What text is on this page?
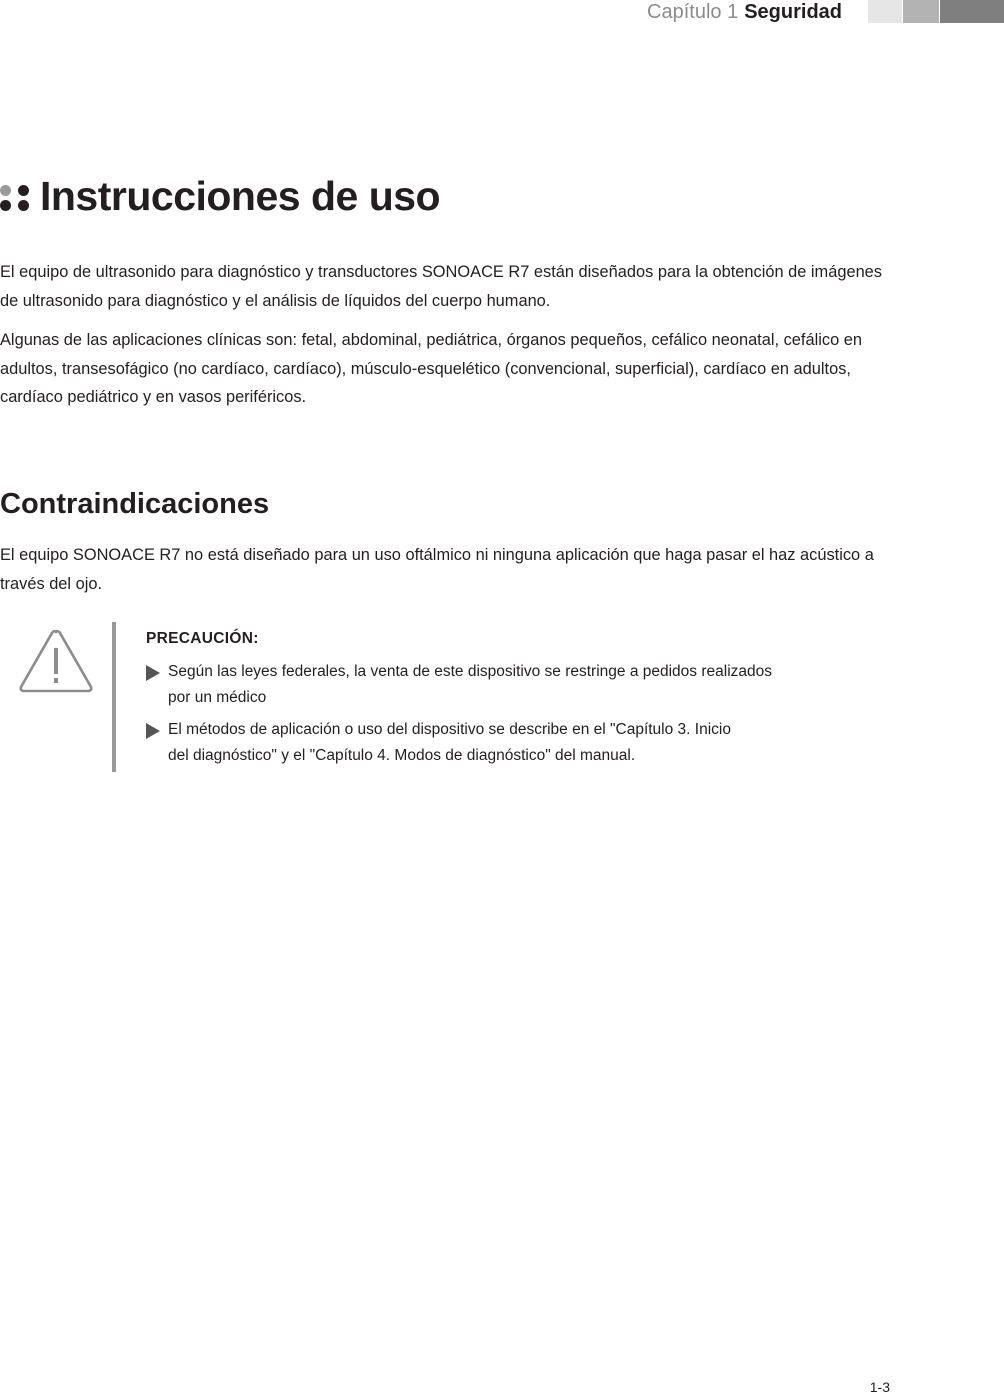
Capítulo 1 Seguridad
Instrucciones de uso

El equipo de ultrasonido para diagnóstico y transductores SONOACE R7 están diseñados para la obtención de imágenes de ultrasonido para diagnóstico y el análisis de líquidos del cuerpo humano.

Algunas de las aplicaciones clínicas son: fetal, abdominal, pediátrica, órganos pequeños, cefálico neonatal, cefálico en adultos, transesofágico (no cardíaco, cardíaco), músculo-esquelético (convencional, superficial), cardíaco en adultos, cardíaco pediátrico y en vasos periféricos.

Contraindicaciones

El equipo SONOACE R7 no está diseñado para un uso oftálmico ni ninguna aplicación que haga pasar el haz acústico a través del ojo.

PRECAUCIÓN:
Según las leyes federales, la venta de este dispositivo se restringe a pedidos realizados
por un médico
El métodos de aplicación o uso del dispositivo se describe en el "Capítulo 3. Inicio
del diagnóstico" y el "Capítulo 4. Modos de diagnóstico" del manual.
1-3
